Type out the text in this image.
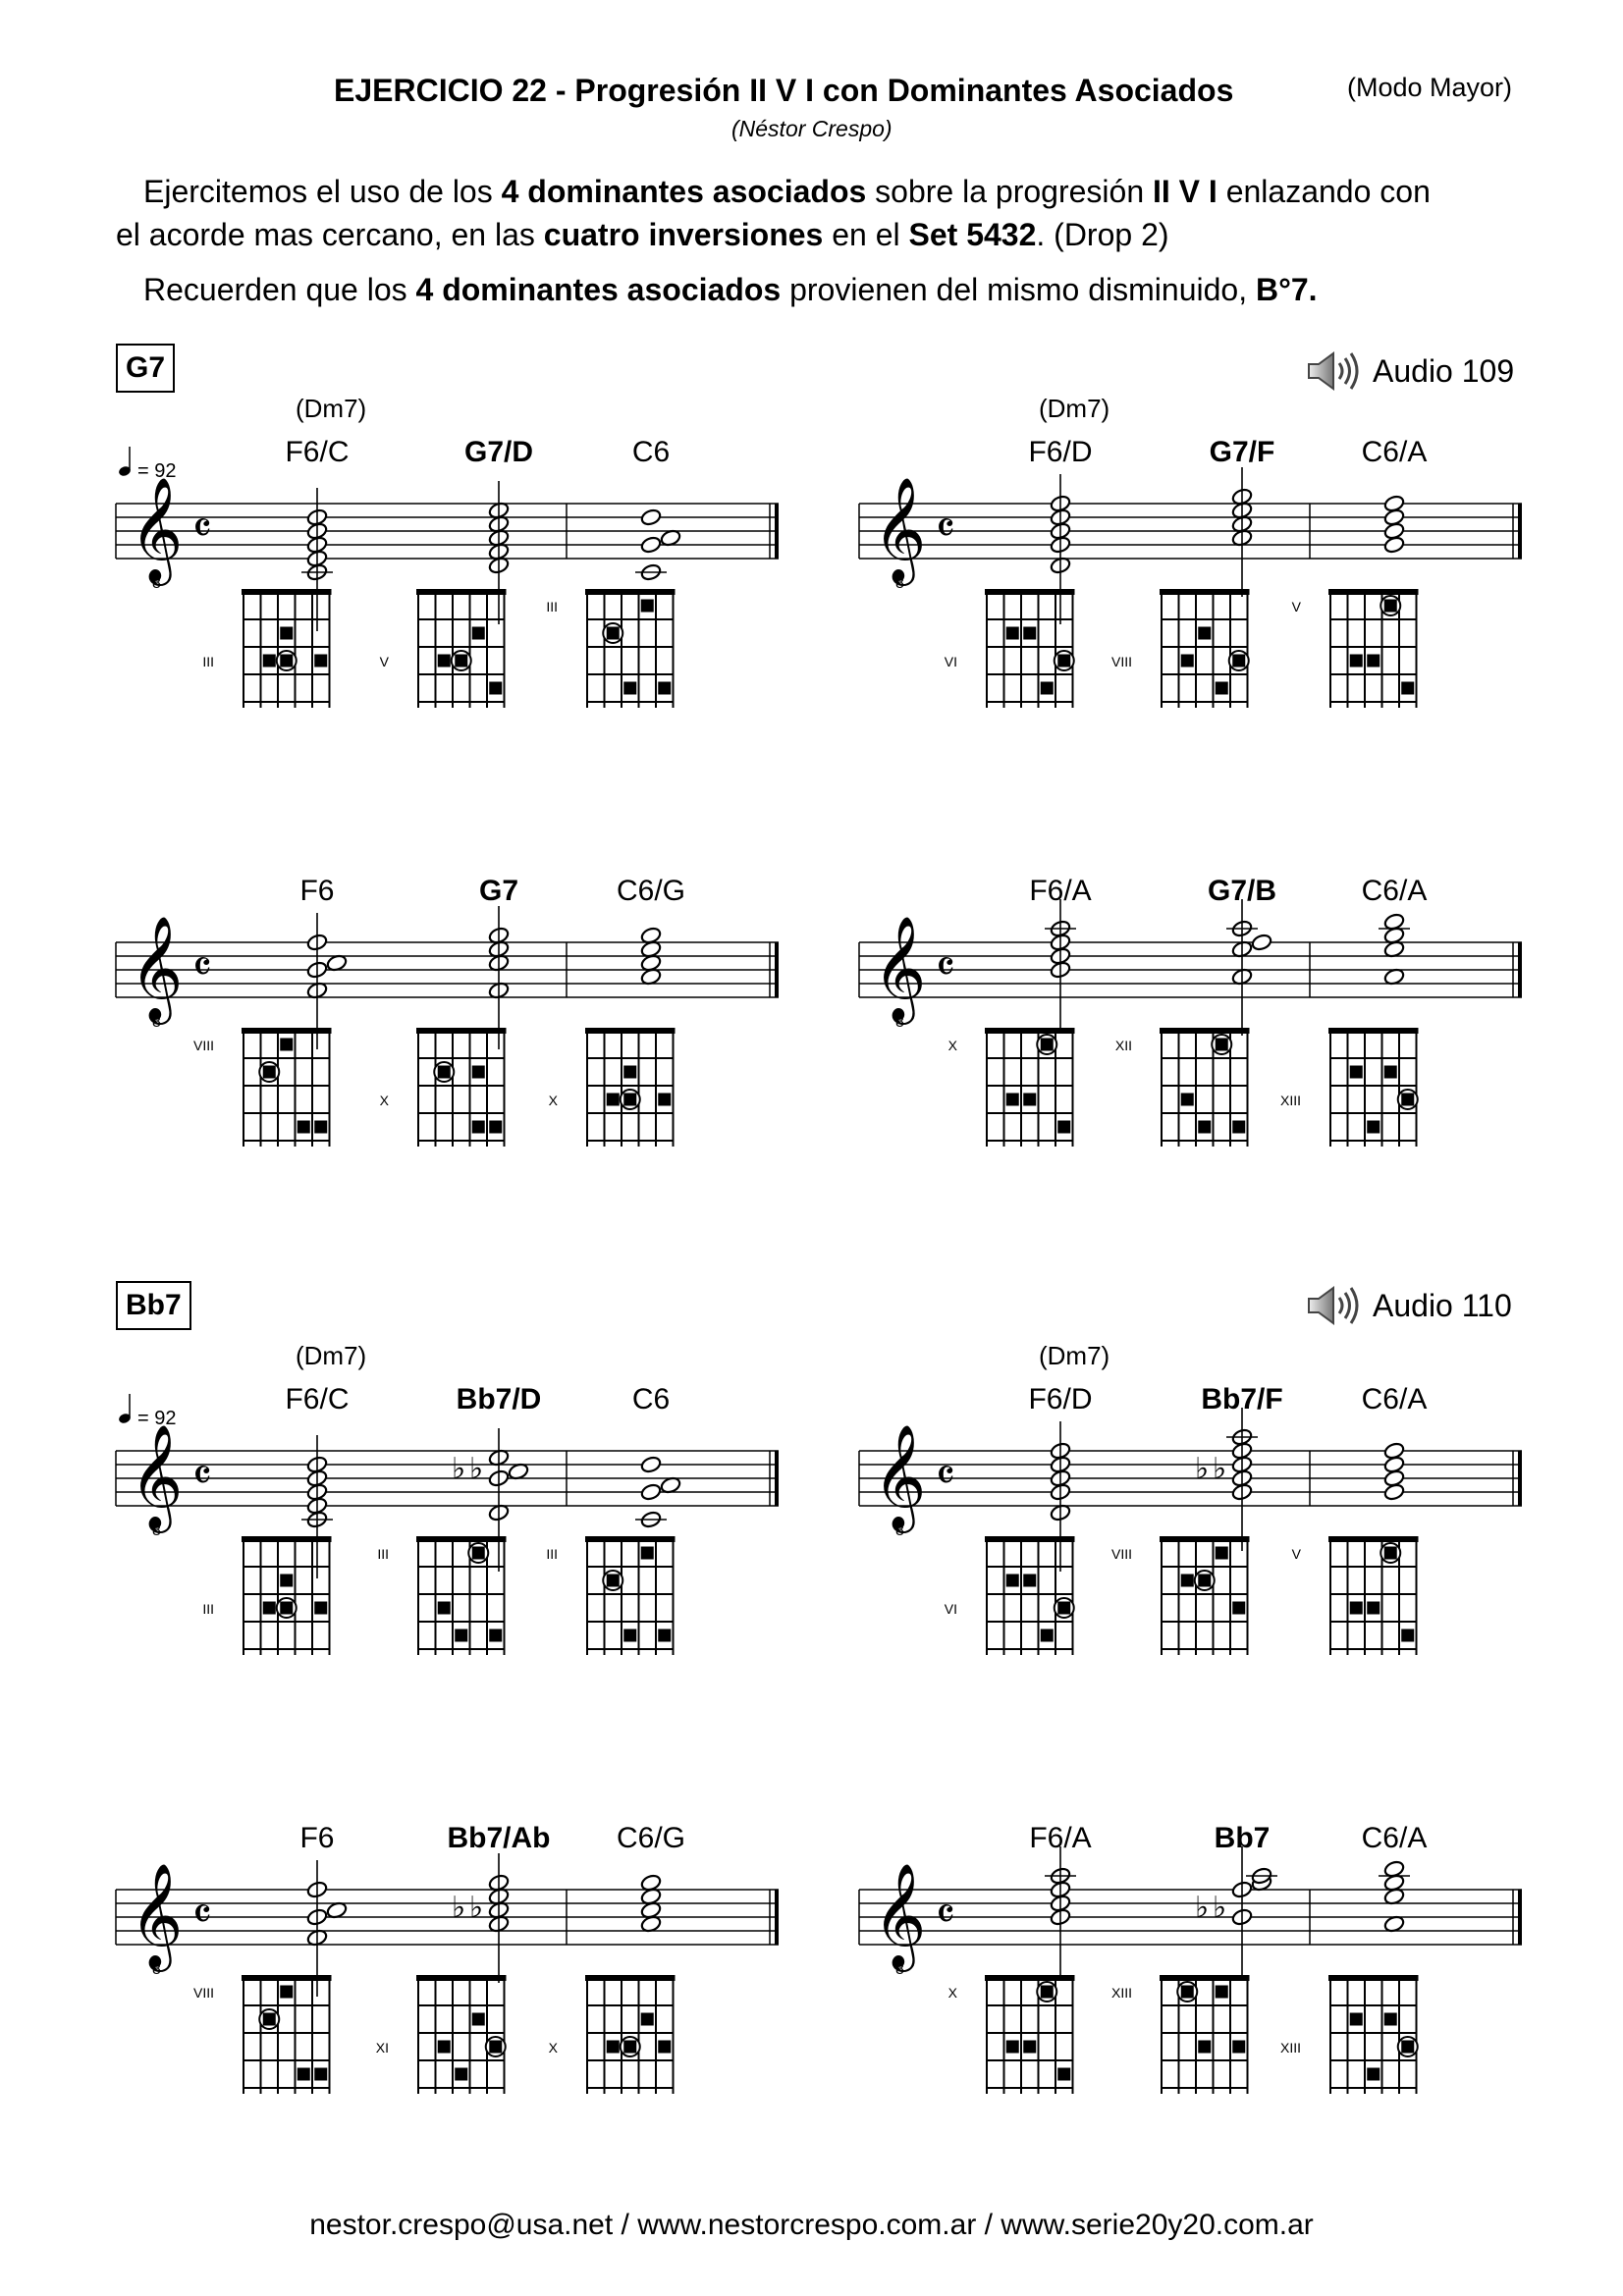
EJERCICIO 22 - Progresión II V I con Dominantes Asociados	(Modo Mayor)
(Néstor Crespo)
Ejercitemos el uso de los 4 dominantes asociados sobre la progresión II V I enlazando con
el acorde mas cercano, en las cuatro inversiones en el Set 5432. (Drop 2)
Recuerden que los 4 dominantes asociados provienen del mismo disminuido, B°7.
G7	Audio 109
Bb7	Audio 110
𝄞
8
𝄴
= 92
(Dm7)
F6/C
III
G7/D
V
C6
III
𝄞
8
𝄴
(Dm7)
F6/D
VI
G7/F
VIII
C6/A
V
𝄞
8
𝄴
F6
VIII
G7
X
C6/G
X
𝄞
8
𝄴
F6/A
X
G7/B
XII
C6/A
XIII
𝄞
8
𝄴
= 92
(Dm7)
F6/C
III
Bb7/D
♭ ♭
III
C6
III
𝄞
8
𝄴
(Dm7)
F6/D
VI
Bb7/F
♭ ♭
VIII
C6/A
V
𝄞
8
𝄴
F6
VIII
Bb7/Ab
♭ ♭
XI
C6/G
X
𝄞
8
𝄴
F6/A
X
Bb7
♭ ♭
XIII
C6/A
XIII
nestor.crespo@usa.net / www.nestorcrespo.com.ar / www.serie20y20.com.ar
